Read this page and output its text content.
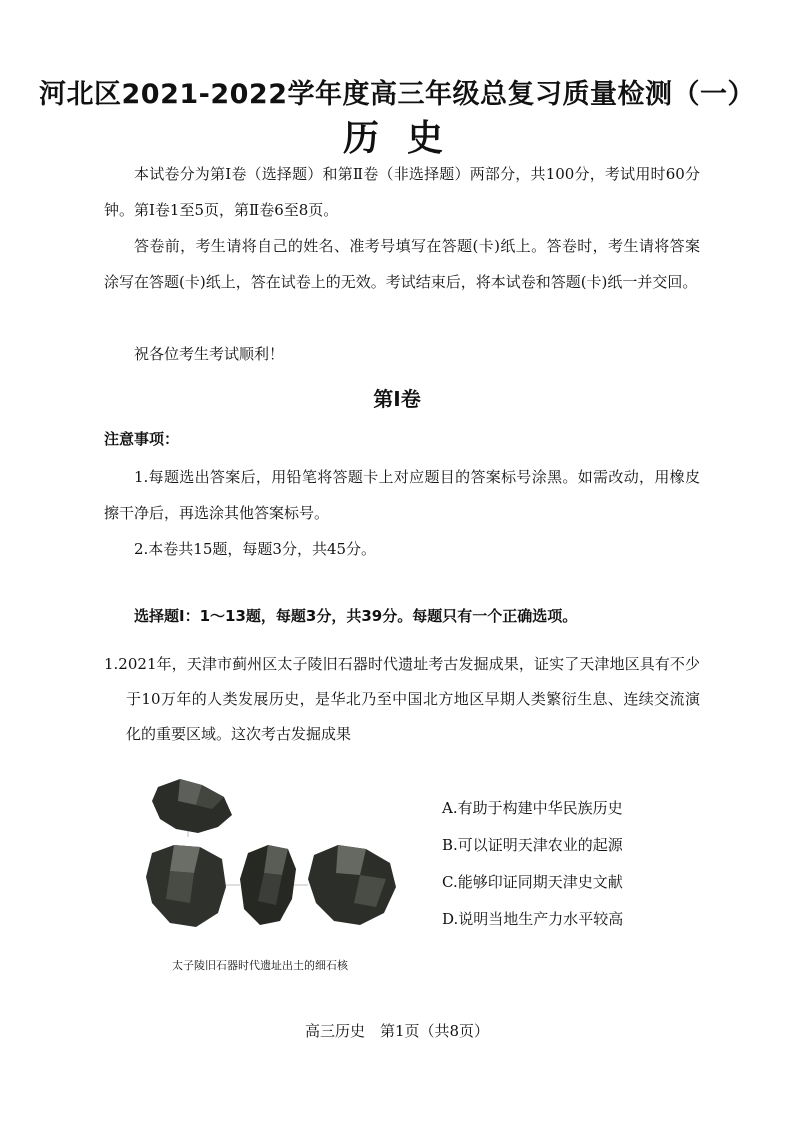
河北区2021-2022学年度高三年级总复习质量检测（一）
历史
本试卷分为第Ⅰ卷（选择题）和第Ⅱ卷（非选择题）两部分，共100分，考试用时60分钟。第Ⅰ卷1至5页，第Ⅱ卷6至8页。
答卷前，考生请将自己的姓名、准考号填写在答题(卡)纸上。答卷时，考生请将答案涂写在答题(卡)纸上，答在试卷上的无效。考试结束后，将本试卷和答题(卡)纸一并交回。
祝各位考生考试顺利！
第Ⅰ卷
注意事项：
1.每题选出答案后，用铅笔将答题卡上对应题目的答案标号涂黑。如需改动，用橡皮擦干净后，再选涂其他答案标号。
2.本卷共15题，每题3分，共45分。
选择题Ⅰ：1～13题，每题3分，共39分。每题只有一个正确选项。
1.2021年，天津市蓟州区太子陵旧石器时代遗址考古发掘成果，证实了天津地区具有不少于10万年的人类发展历史，是华北乃至中国北方地区早期人类繁衍生息、连续交流演化的重要区域。这次考古发掘成果
太子陵旧石器时代遗址出土的细石核
A.有助于构建中华民族历史
B.可以证明天津农业的起源
C.能够印证同期天津史文献
D.说明当地生产力水平较高
高三历史　第1页（共8页）
